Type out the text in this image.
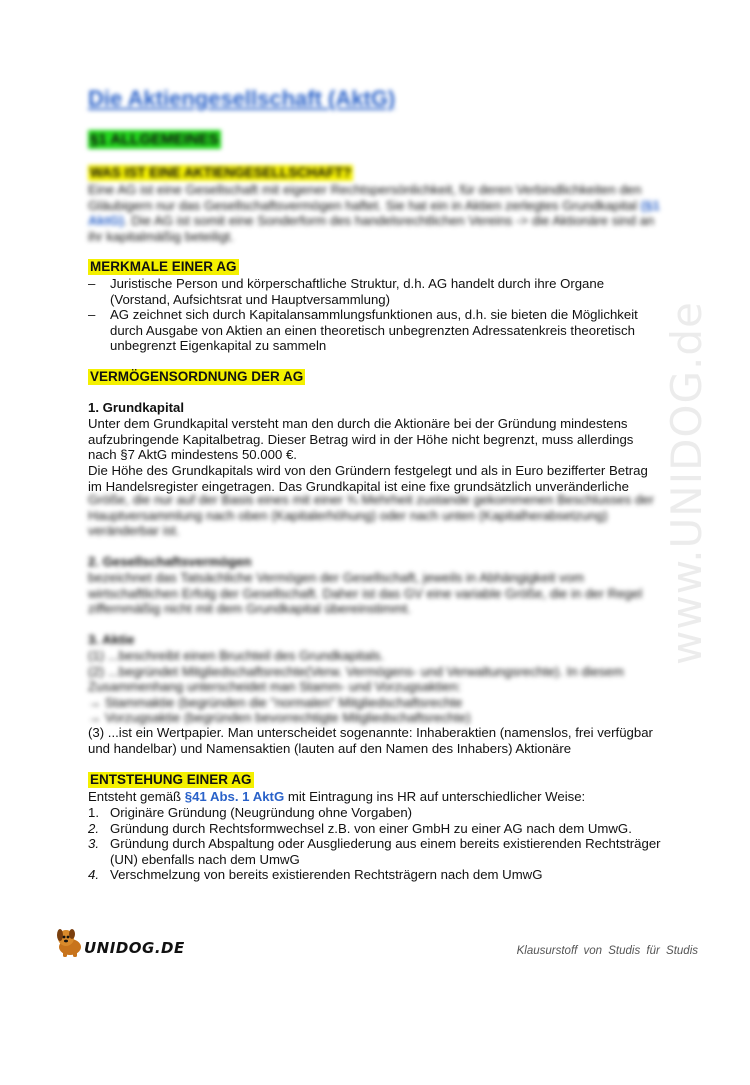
www.UNIDOG.de
Die Aktiengesellschaft (AktG)
§1 ALLGEMEINES
WAS IST EINE AKTIENGESELLSCHAFT?
Eine AG ist eine Gesellschaft mit eigener Rechtspersönlichkeit, für deren Verbindlichkeiten den Gläubigern nur das Gesellschaftsvermögen haftet. Sie hat ein in Aktien zerlegtes Grundkapital (§1 AktG). Die AG ist somit eine Sonderform des handelsrechtlichen Vereins -> die Aktionäre sind an ihr kapitalmäßig beteiligt.
MERKMALE EINER AG
– Juristische Person und körperschaftliche Struktur, d.h. AG handelt durch ihre Organe (Vorstand, Aufsichtsrat und Hauptversammlung)
– AG zeichnet sich durch Kapitalansammlungsfunktionen aus, d.h. sie bieten die Möglichkeit durch Ausgabe von Aktien an einen theoretisch unbegrenzten Adressatenkreis theoretisch unbegrenzt Eigenkapital zu sammeln
VERMÖGENSORDNUNG DER AG
1. Grundkapital
Unter dem Grundkapital versteht man den durch die Aktionäre bei der Gründung mindestens aufzubringende Kapitalbetrag. Dieser Betrag wird in der Höhe nicht begrenzt, muss allerdings nach §7 AktG mindestens 50.000 €.
Die Höhe des Grundkapitals wird von den Gründern festgelegt und als in Euro bezifferter Betrag im Handelsregister eingetragen. Das Grundkapital ist eine fixe grundsätzlich unveränderliche
Größe, die nur auf der Basis eines mit einer ¾ Mehrheit zustande gekommenen Beschlusses der Hauptversammlung nach oben (Kapitalerhöhung) oder nach unten (Kapitalherabsetzung) veränderbar ist.
2. Gesellschaftsvermögen
bezeichnet das Tatsächliche Vermögen der Gesellschaft, jeweils in Abhängigkeit vom wirtschaftlichen Erfolg der Gesellschaft. Daher ist das GV eine variable Größe, die in der Regel ziffernmäßig nicht mit dem Grundkapital übereinstimmt.
3. Aktie

(1) ...beschreibt einen Bruchteil des Grundkapitals.

(2) ...begründet Mitgliedschaftsrechte(Verw. Vermögens- und Verwaltungsrechte). In diesem Zusammenhang unterscheidet man Stamm- und Vorzugsaktien:

→ Stammaktie (begründen die "normalen" Mitgliedschaftsrechte

→ Vorzugsaktie (begründen bevorrechtigte Mitgliedschaftsrechte)

(3) ...ist ein Wertpapier. Man unterscheidet sogenannte: Inhaberaktien (namenslos, frei verfügbar und handelbar) und Namensaktien (lauten auf den Namen des Inhabers) Aktionäre
ENTSTEHUNG EINER AG
Entsteht gemäß §41 Abs. 1 AktG mit Eintragung ins HR auf unterschiedlicher Weise:
1. Originäre Gründung (Neugründung ohne Vorgaben)
2. Gründung durch Rechtsformwechsel z.B. von einer GmbH zu einer AG nach dem UmwG.
3. Gründung durch Abspaltung oder Ausgliederung aus einem bereits existierenden Rechtsträger (UN) ebenfalls nach dem UmwG
4. Verschmelzung von bereits existierenden Rechtsträgern nach dem UmwG
UNIDOG.DE	Klausurstoff von Studis für Studis
